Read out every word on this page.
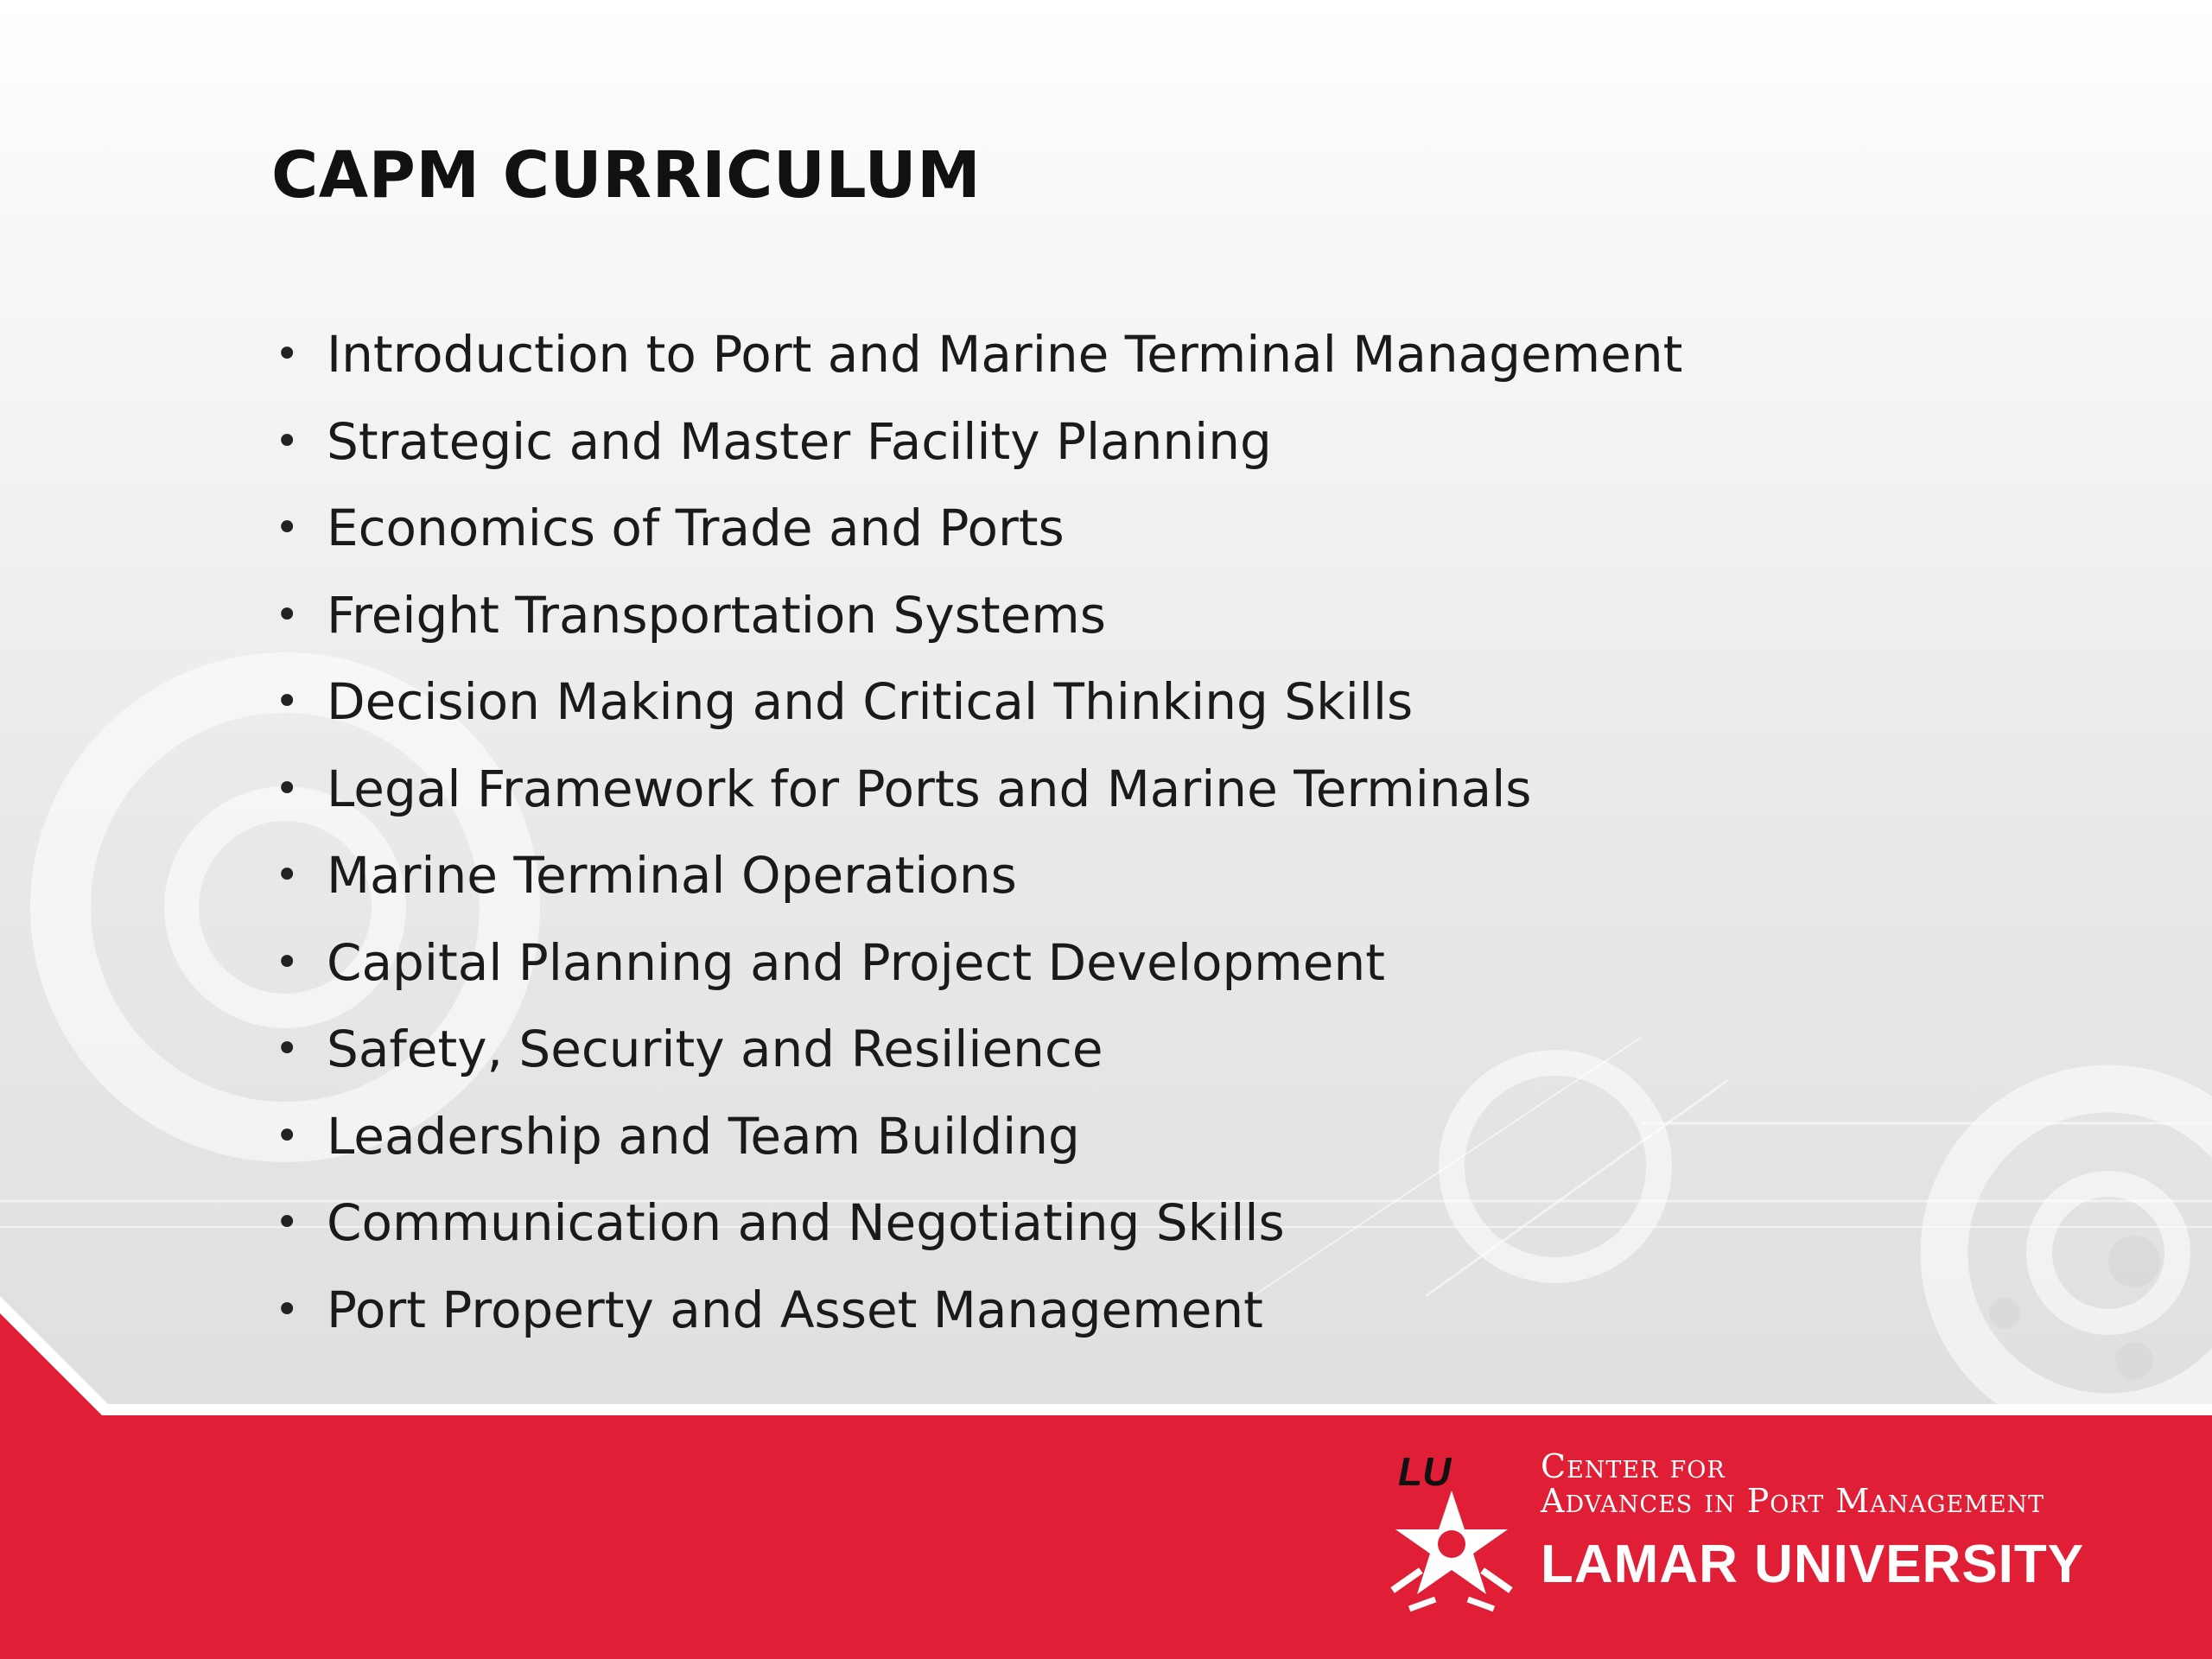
CAPM CURRICULUM
• Introduction to Port and Marine Terminal Management
• Strategic and Master Facility Planning
• Economics of Trade and Ports
• Freight Transportation Systems
• Decision Making and Critical Thinking Skills
• Legal Framework for Ports and Marine Terminals
• Marine Terminal Operations
• Capital Planning and Project Development
• Safety, Security and Resilience
• Leadership and Team Building
• Communication and Negotiating Skills
• Port Property and Asset Management
LU	Center for
Advances in Port Management
LAMAR UNIVERSITY
